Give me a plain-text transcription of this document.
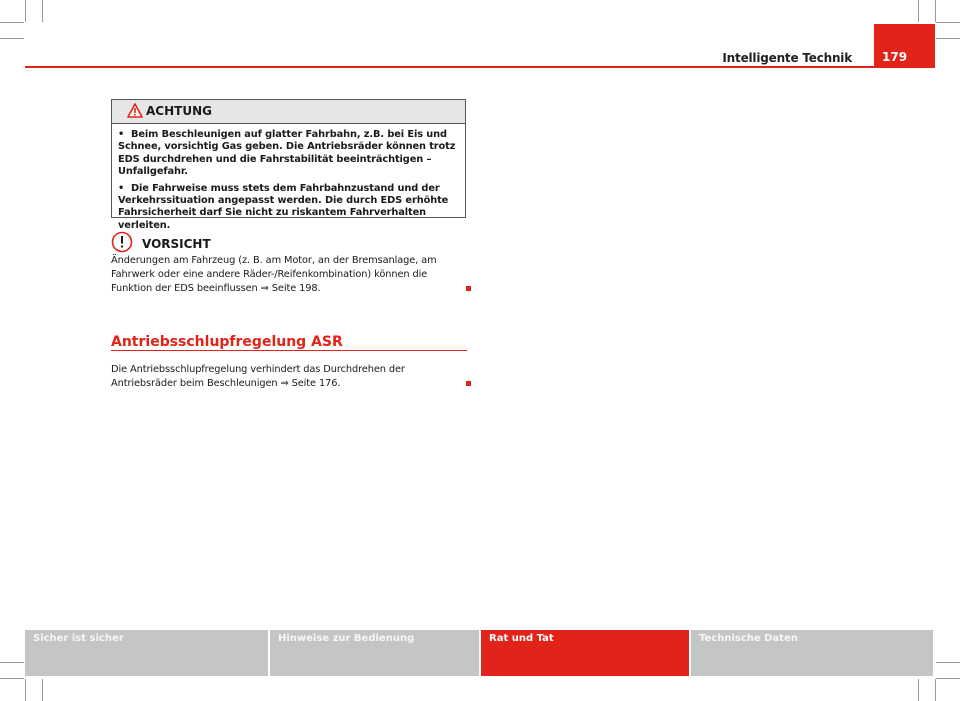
Intelligente Technik	179
ACHTUNG

• Beim Beschleunigen auf glatter Fahrbahn, z.B. bei Eis und Schnee, vorsichtig Gas geben. Die Antriebsräder können trotz EDS durchdrehen und die Fahrstabilität beeinträchtigen – Unfallgefahr.

• Die Fahrweise muss stets dem Fahrbahnzustand und der Verkehrssituation angepasst werden. Die durch EDS erhöhte Fahrsicherheit darf Sie nicht zu riskantem Fahrverhalten verleiten.

VORSICHT
Änderungen am Fahrzeug (z. B. am Motor, an der Bremsanlage, am Fahrwerk oder eine andere Räder-/Reifenkombination) können die Funktion der EDS beeinflussen ⇒ Seite 198.
Antriebsschlupfregelung ASR
Die Antriebsschlupfregelung verhindert das Durchdrehen der Antriebsräder beim Beschleunigen ⇒ Seite 176.
Sicher ist sicher	Hinweise zur Bedienung	Rat und Tat	Technische Daten
